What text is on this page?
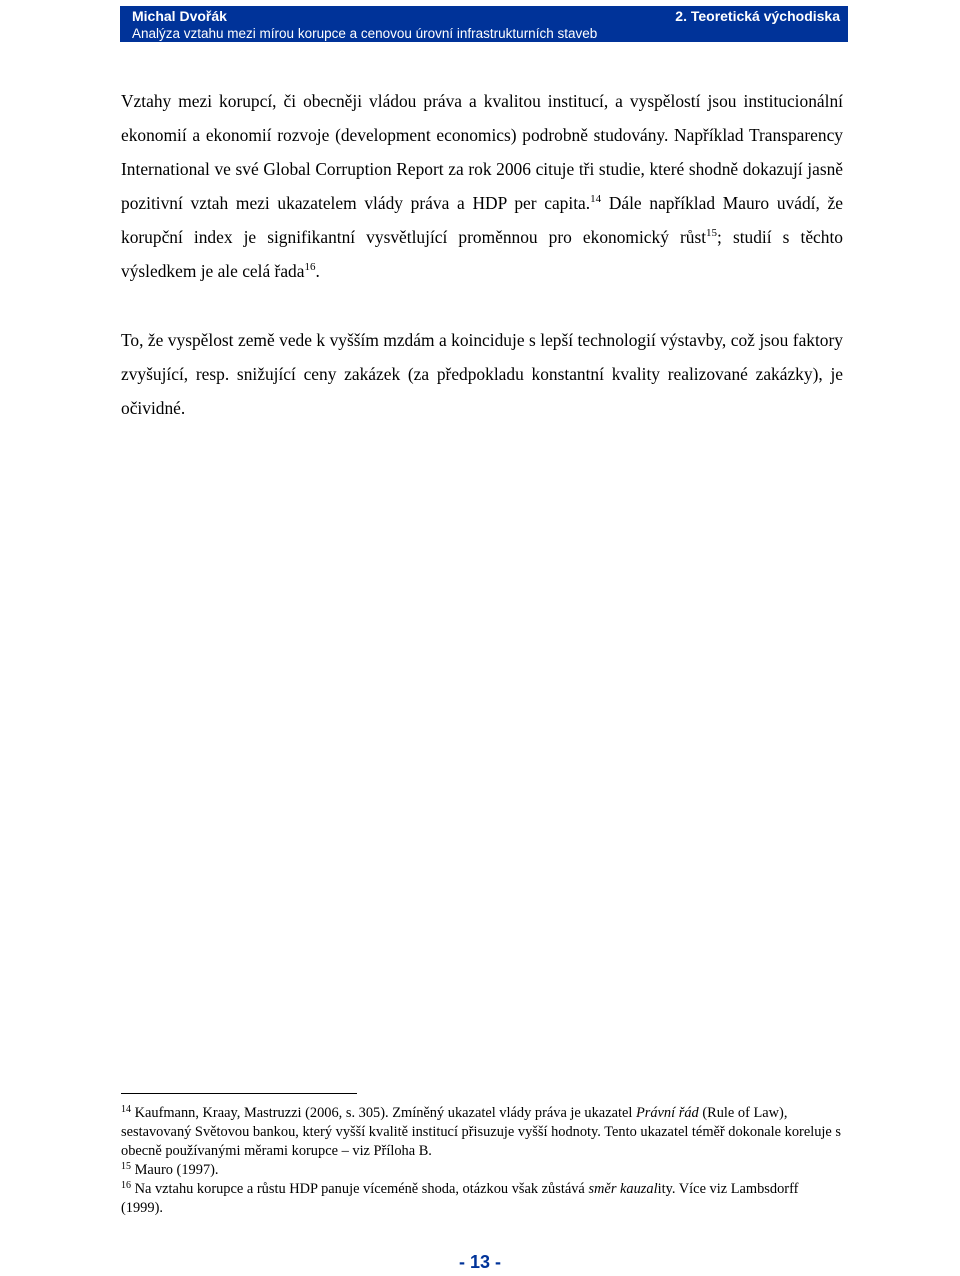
Michal Dvořák	2. Teoretická východiska
Analýza vztahu mezi mírou korupce a cenovou úrovní infrastrukturních staveb

Vztahy mezi korupcí, či obecněji vládou práva a kvalitou institucí, a vyspělostí jsou institucionální ekonomií a ekonomií rozvoje (development economics) podrobně studovány. Například Transparency International ve své Global Corruption Report za rok 2006 cituje tři studie, které shodně dokazují jasně pozitivní vztah mezi ukazatelem vlády práva a HDP per capita.$^{14}$ Dále například Mauro uvádí, že korupční index je signifikantní vysvětlující proměnnou pro ekonomický růst$^{15}$; studií s těchto výsledkem je ale celá řada$^{16}$.

To, že vyspělost země vede k vyšším mzdám a koinciduje s lepší technologií výstavby, což jsou faktory zvyšující, resp. snižující ceny zakázek (za předpokladu konstantní kvality realizované zakázky), je očividné.

$^{14}$ Kaufmann, Kraay, Mastruzzi (2006, s. 305). Zmíněný ukazatel vlády práva je ukazatel Právní řád (Rule of Law), sestavovaný Světovou bankou, který vyšší kvalitě institucí přisuzuje vyšší hodnoty. Tento ukazatel téměř dokonale koreluje s obecně používanými měrami korupce – viz Příloha B.

$^{15}$ Mauro (1997).

$^{16}$ Na vztahu korupce a růstu HDP panuje víceméně shoda, otázkou však zůstává směr kauzality. Více viz Lambsdorff (1999).

- 13 -
